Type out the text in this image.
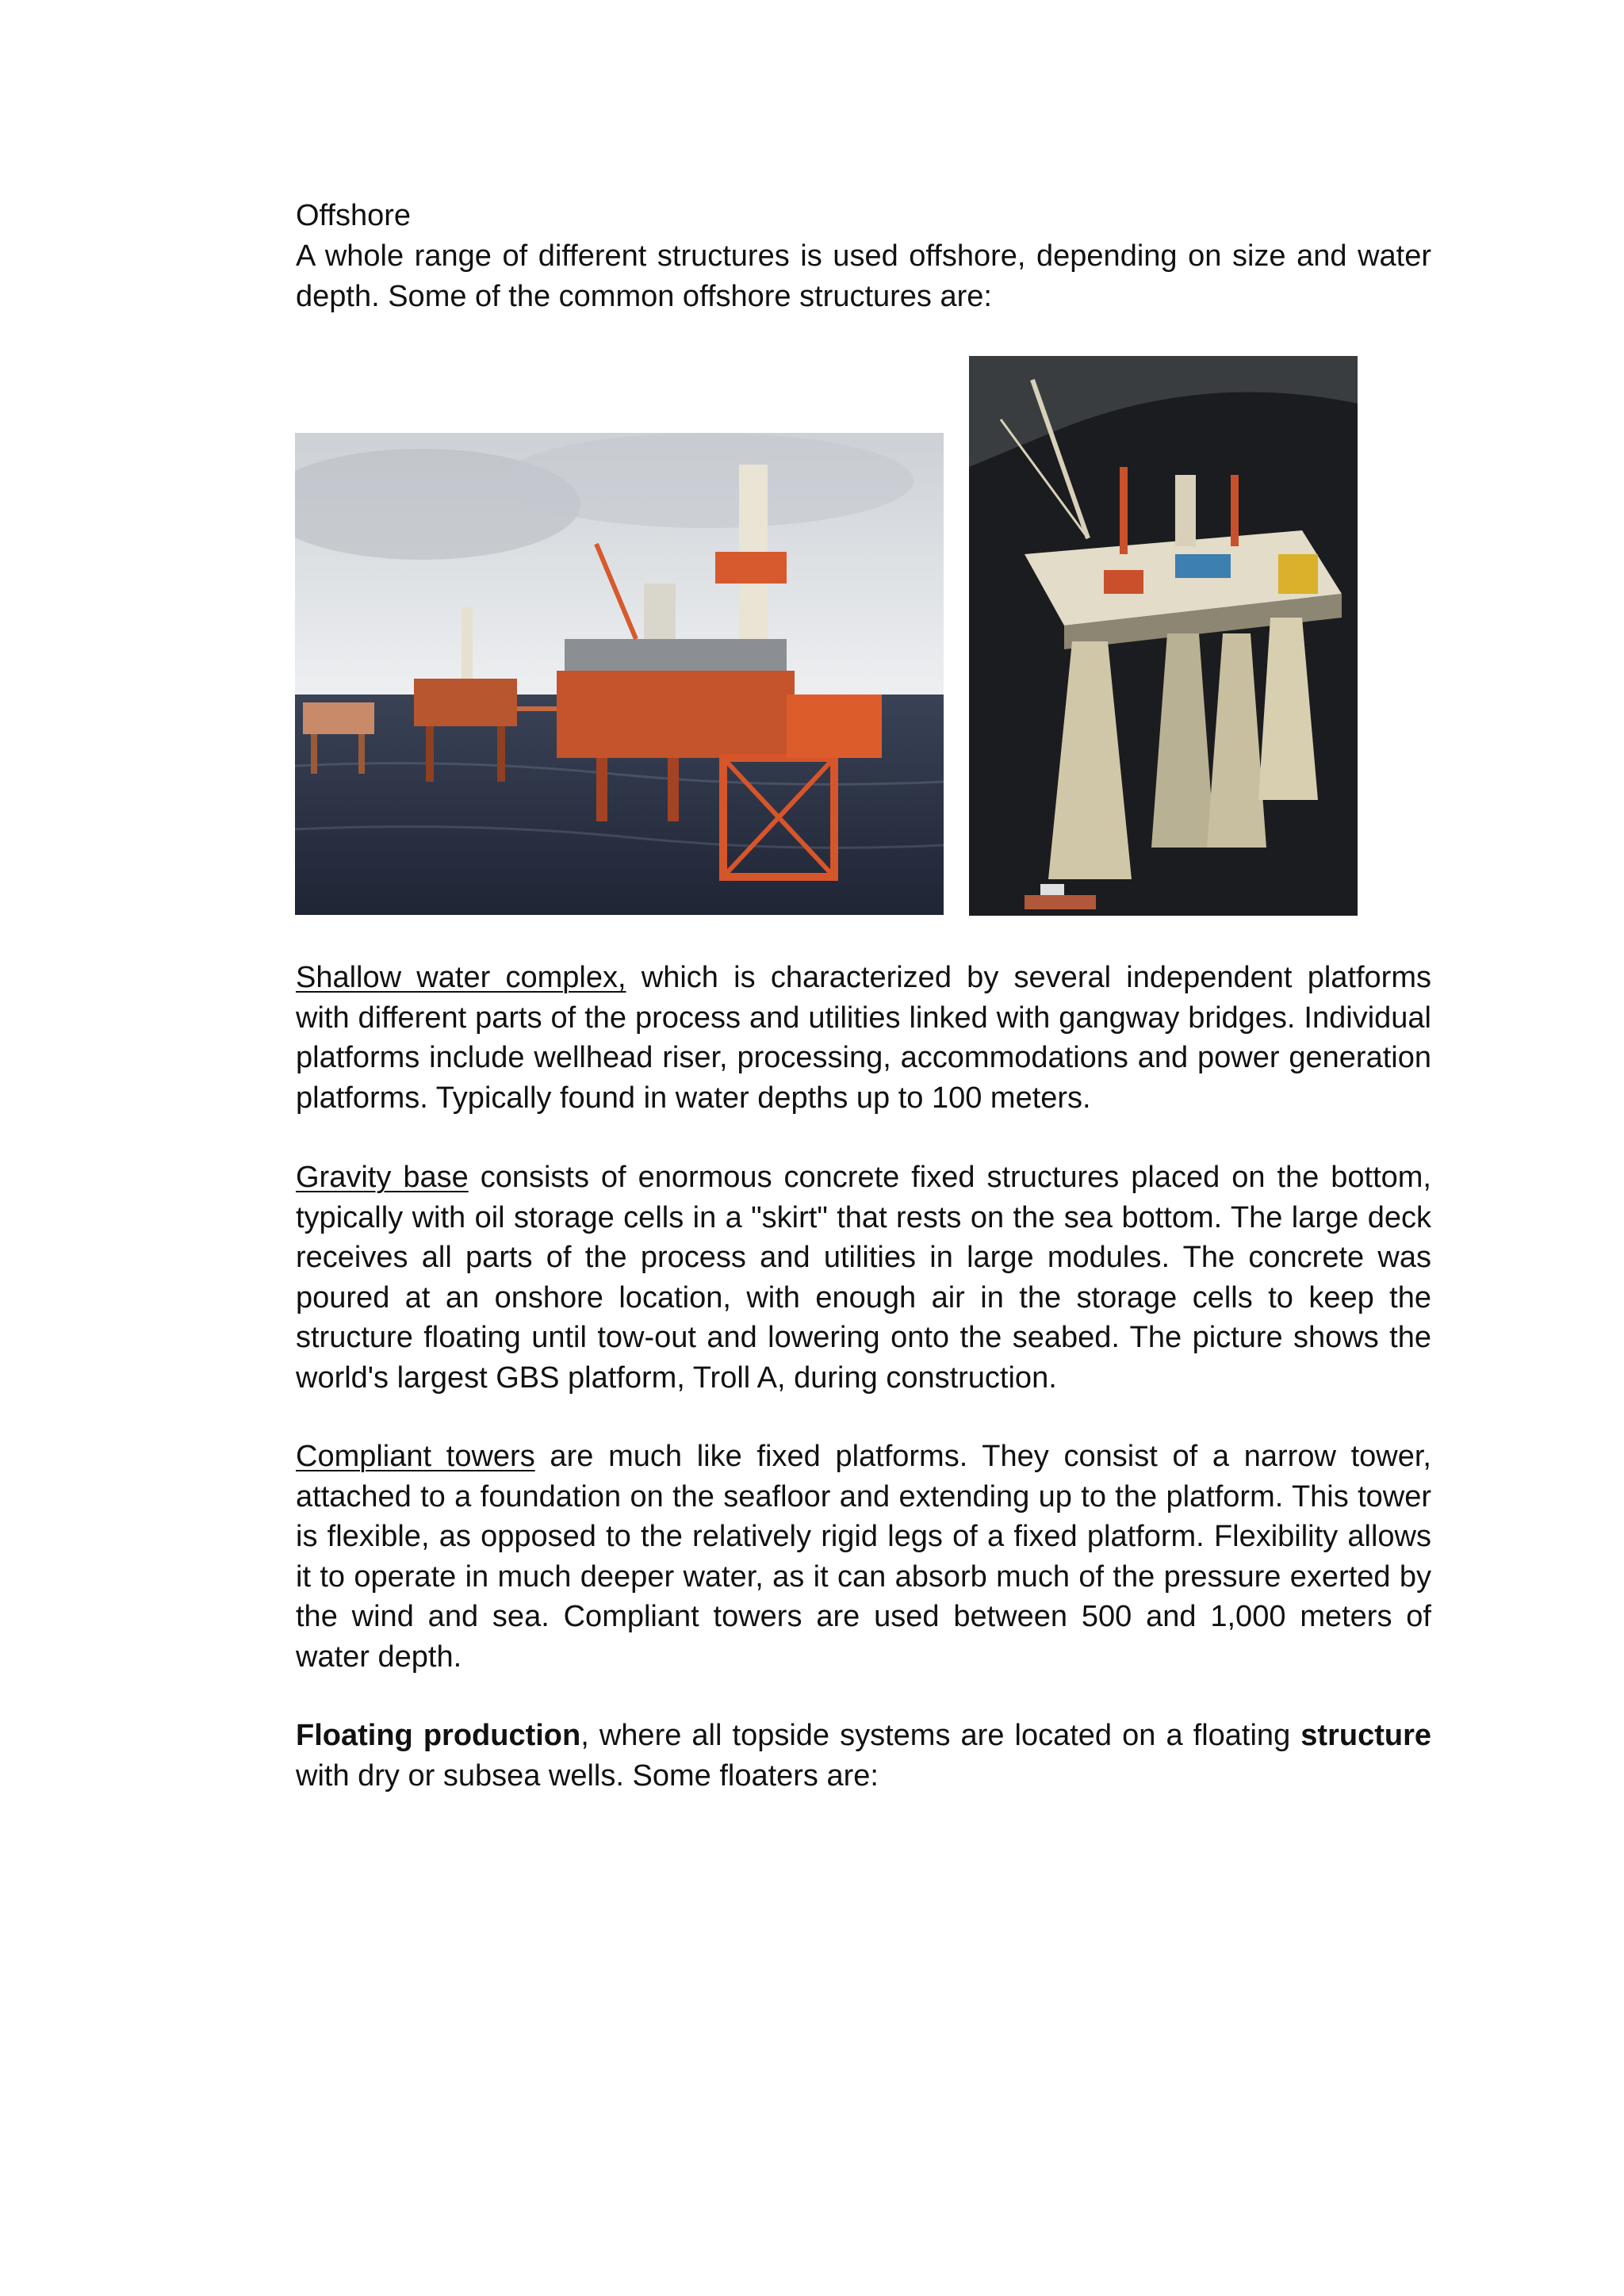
Offshore
A whole range of different structures is used offshore, depending on size and water depth. Some of the common offshore structures are:
Shallow water complex, which is characterized by several independent platforms with different parts of the process and utilities linked with gangway bridges. Individual platforms include wellhead riser, processing, accommodations and power generation platforms. Typically found in water depths up to 100 meters.
Gravity base consists of enormous concrete fixed structures placed on the bottom, typically with oil storage cells in a "skirt" that rests on the sea bottom. The large deck receives all parts of the process and utilities in large modules. The concrete was poured at an onshore location, with enough air in the storage cells to keep the structure floating until tow-out and lowering onto the seabed. The picture shows the world's largest GBS platform, Troll A, during construction.
Compliant towers are much like fixed platforms. They consist of a narrow tower, attached to a foundation on the seafloor and extending up to the platform. This tower is flexible, as opposed to the relatively rigid legs of a fixed platform. Flexibility allows it to operate in much deeper water, as it can absorb much of the pressure exerted by the wind and sea. Compliant towers are used between 500 and 1,000 meters of water depth.
Floating production, where all topside systems are located on a floating structure with dry or subsea wells. Some floaters are:
